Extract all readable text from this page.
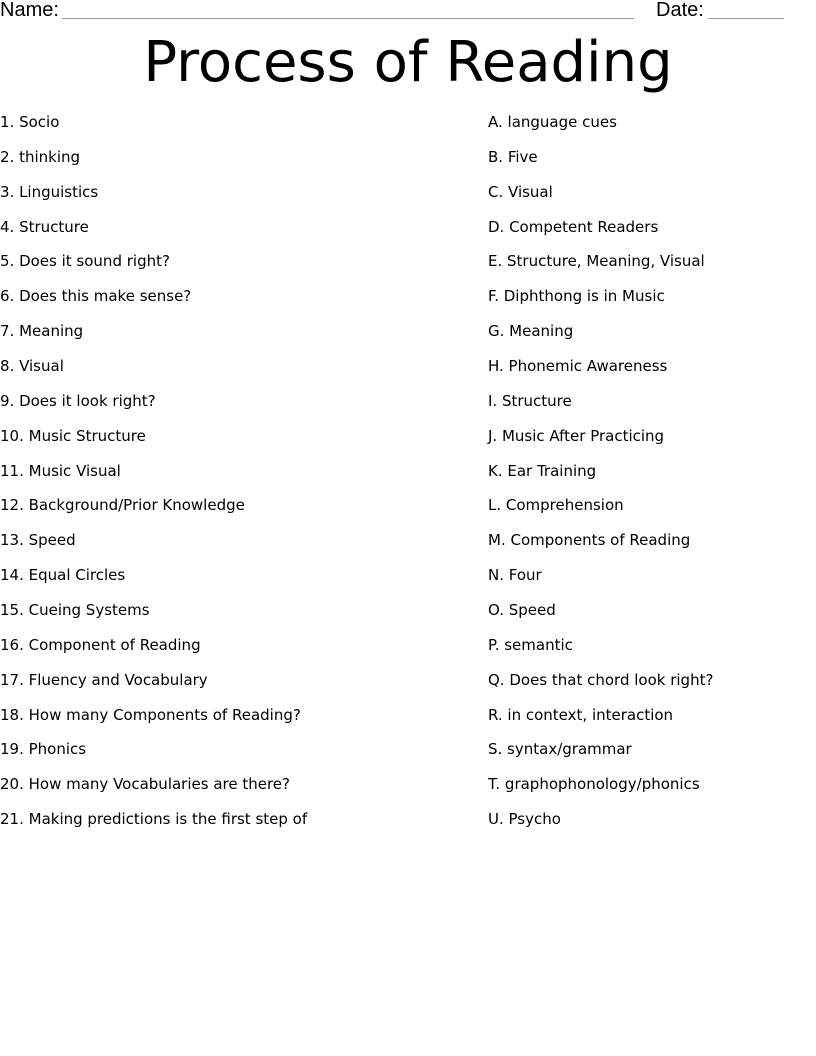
Name:	Date:
Process of Reading
1. Socio
2. thinking
3. Linguistics
4. Structure
5. Does it sound right?
6. Does this make sense?
7. Meaning
8. Visual
9. Does it look right?
10. Music Structure
11. Music Visual
12. Background/Prior Knowledge
13. Speed
14. Equal Circles
15. Cueing Systems
16. Component of Reading
17. Fluency and Vocabulary
18. How many Components of Reading?
19. Phonics
20. How many Vocabularies are there?
21. Making predictions is the first step of
A. language cues
B. Five
C. Visual
D. Competent Readers
E. Structure, Meaning, Visual
F. Diphthong is in Music
G. Meaning
H. Phonemic Awareness
I. Structure
J. Music After Practicing
K. Ear Training
L. Comprehension
M. Components of Reading
N. Four
O. Speed
P. semantic
Q. Does that chord look right?
R. in context, interaction
S. syntax/grammar
T. graphophonology/phonics
U. Psycho
